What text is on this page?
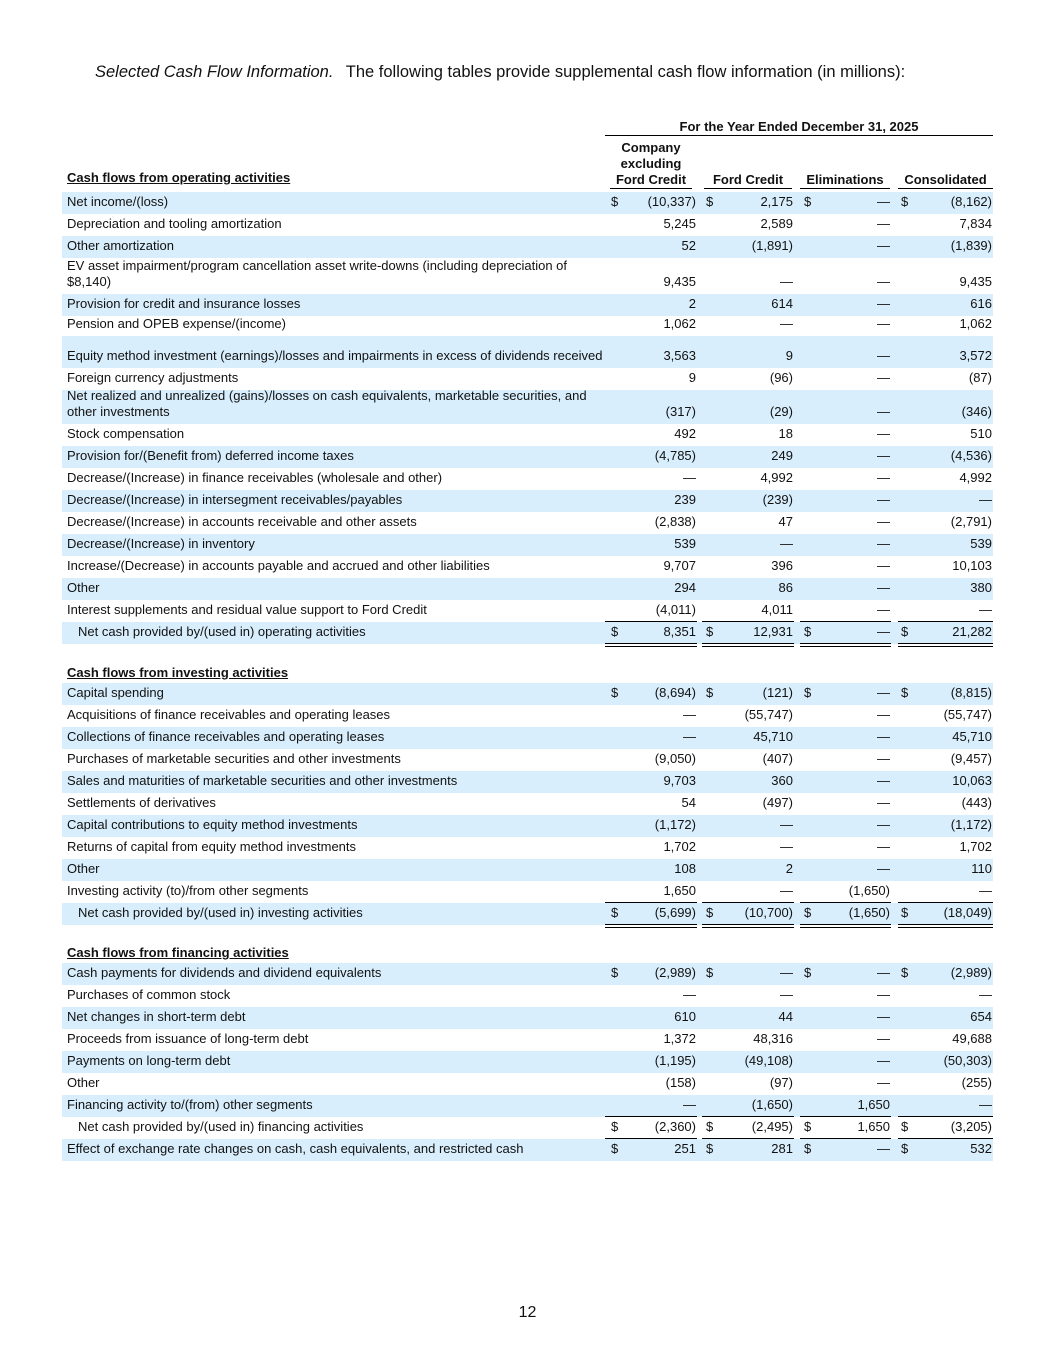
Selected Cash Flow Information. The following tables provide supplemental cash flow information (in millions):
For the Year Ended December 31, 2025
Company
excluding
Ford Credit	Ford Credit	Eliminations	Consolidated
Cash flows from operating activities
Net income/(loss)	$ (10,337) $	2,175 $	— $	(8,162)
Depreciation and tooling amortization	5,245	2,589	—	7,834
Other amortization	52	(1,891)	—	(1,839)
EV asset impairment/program cancellation asset write-downs (including depreciation of $8,140)	9,435	—	—	9,435
Provision for credit and insurance losses	2	614	—	616
Pension and OPEB expense/(income)	1,062	—	—	1,062
Equity method investment (earnings)/losses and impairments in excess of dividends received	3,563	9	—	3,572
Foreign currency adjustments	9	(96)	—	(87)
Net realized and unrealized (gains)/losses on cash equivalents, marketable securities, and other investments	(317)	(29)	—	(346)
Stock compensation	492	18	—	510
Provision for/(Benefit from) deferred income taxes	(4,785)	249	—	(4,536)
Decrease/(Increase) in finance receivables (wholesale and other)	—	4,992	—	4,992
Decrease/(Increase) in intersegment receivables/payables	239	(239)	—	—
Decrease/(Increase) in accounts receivable and other assets	(2,838)	47	—	(2,791)
Decrease/(Increase) in inventory	539	—	—	539
Increase/(Decrease) in accounts payable and accrued and other liabilities	9,707	396	—	10,103
Other	294	86	—	380
Interest supplements and residual value support to Ford Credit	(4,011)	4,011	—	—
Net cash provided by/(used in) operating activities	$	8,351 $	12,931 $	— $	21,282
Cash flows from investing activities
Capital spending	$	(8,694) $	(121) $	— $	(8,815)
Acquisitions of finance receivables and operating leases	—	(55,747)	—	(55,747)
Collections of finance receivables and operating leases	—	45,710	—	45,710
Purchases of marketable securities and other investments	(9,050)	(407)	—	(9,457)
Sales and maturities of marketable securities and other investments	9,703	360	—	10,063
Settlements of derivatives	54	(497)	—	(443)
Capital contributions to equity method investments	(1,172)	—	—	(1,172)
Returns of capital from equity method investments	1,702	—	—	1,702
Other	108	2	—	110
Investing activity (to)/from other segments	1,650	—	(1,650)	—
Net cash provided by/(used in) investing activities	$	(5,699) $ (10,700) $	(1,650) $	(18,049)
Cash flows from financing activities
Cash payments for dividends and dividend equivalents	$	(2,989) $	— $	— $	(2,989)
Purchases of common stock	—	—	—	—
Net changes in short-term debt	610	44	—	654
Proceeds from issuance of long-term debt	1,372	48,316	—	49,688
Payments on long-term debt	(1,195)	(49,108)	—	(50,303)
Other	(158)	(97)	—	(255)
Financing activity to/(from) other segments	—	(1,650)	1,650	—
Net cash provided by/(used in) financing activities	$	(2,360) $	(2,495) $	1,650 $	(3,205)
Effect of exchange rate changes on cash, cash equivalents, and restricted cash	$	251 $	281 $	— $	532
12
